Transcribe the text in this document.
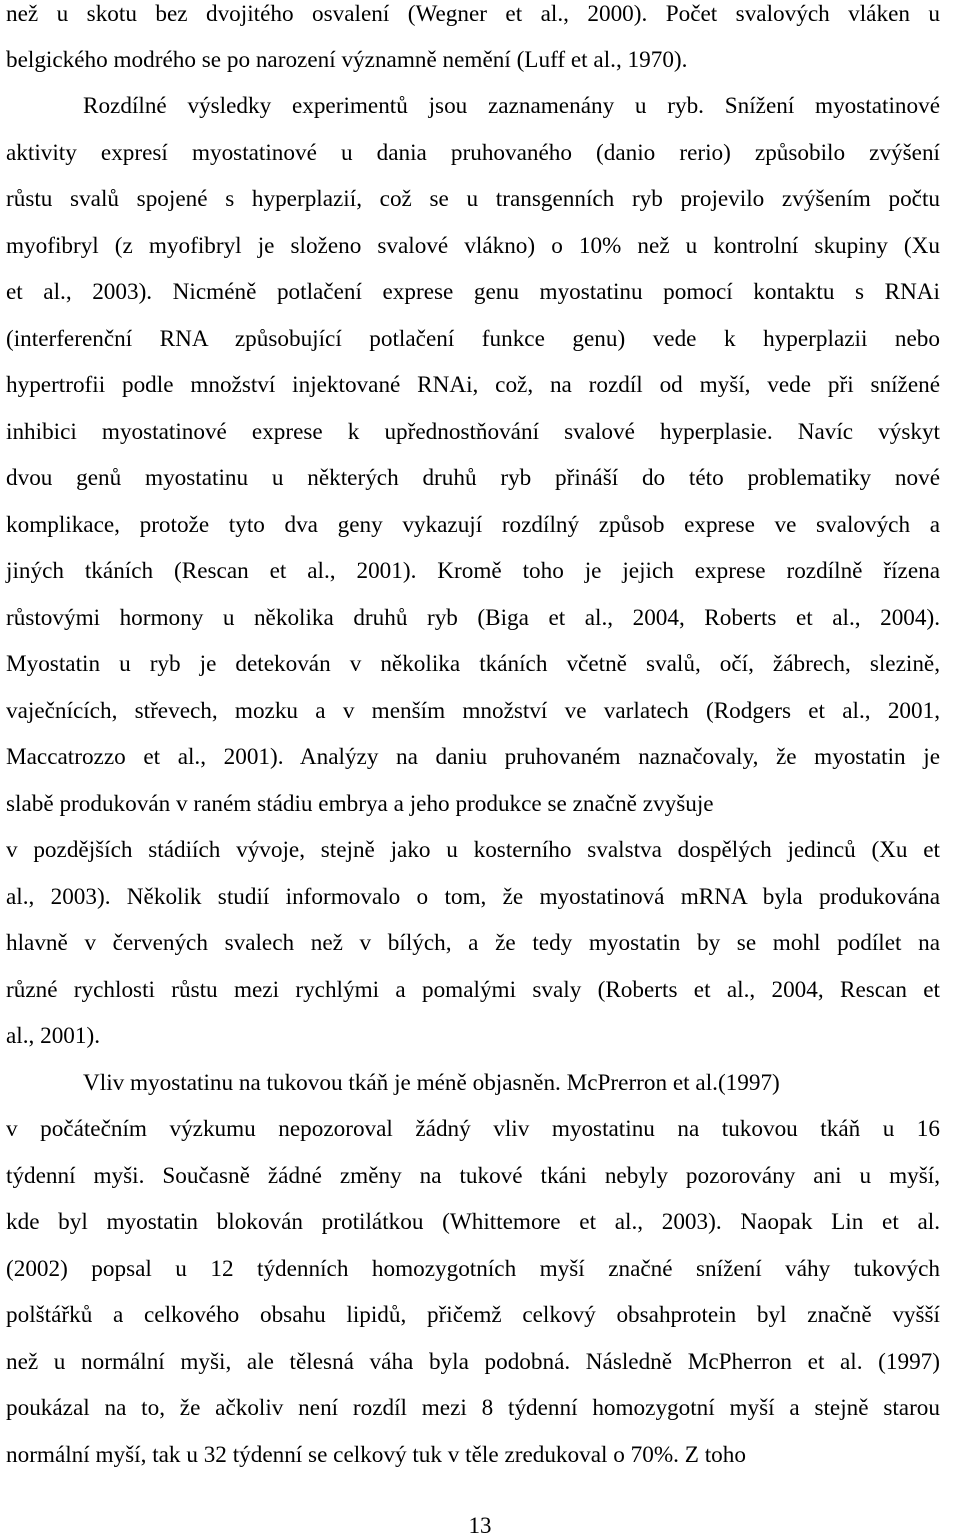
než u skotu bez dvojitého osvalení (Wegner et al., 2000). Počet svalových vláken u
belgického modrého se po narození významně nemění (Luff et al., 1970).
Rozdílné výsledky experimentů jsou zaznamenány u ryb. Snížení myostatinové
aktivity expresí myostatinové u dania pruhovaného (danio rerio) způsobilo zvýšení
růstu svalů spojené s hyperplazií, což se u transgenních ryb projevilo zvýšením počtu
myofibryl (z myofibryl je složeno svalové vlákno) o 10% než u kontrolní skupiny (Xu
et al., 2003). Nicméně potlačení exprese genu myostatinu pomocí kontaktu s RNAi
(interferenční RNA způsobující potlačení funkce genu) vede k hyperplazii nebo
hypertrofii podle množství injektované RNAi, což, na rozdíl od myší, vede při snížené
inhibici myostatinové exprese k upřednostňování svalové hyperplasie. Navíc výskyt
dvou genů myostatinu u některých druhů ryb přináší do této problematiky nové
komplikace, protože tyto dva geny vykazují rozdílný způsob exprese ve svalových a
jiných tkáních (Rescan et al., 2001). Kromě toho je jejich exprese rozdílně řízena
růstovými hormony u několika druhů ryb (Biga et al., 2004, Roberts et al., 2004).
Myostatin u ryb je detekován v několika tkáních včetně svalů, očí, žábrech, slezině,
vaječnících, střevech, mozku a v menším množství ve varlatech (Rodgers et al., 2001,
Maccatrozzo et al., 2001). Analýzy na daniu pruhovaném naznačovaly, že myostatin je
slabě produkován v raném stádiu embrya a jeho produkce se značně zvyšuje
v pozdějších stádiích vývoje, stejně jako u kosterního svalstva dospělých jedinců (Xu et
al., 2003). Několik studií informovalo o tom, že myostatinová mRNA byla produkována
hlavně v červených svalech než v bílých, a že tedy myostatin by se mohl podílet na
různé rychlosti růstu mezi rychlými a pomalými svaly (Roberts et al., 2004, Rescan et
al., 2001).
Vliv myostatinu na tukovou tkáň je méně objasněn. McPrerron et al.(1997)
v počátečním výzkumu nepozoroval žádný vliv myostatinu na tukovou tkáň u 16
týdenní myši. Současně žádné změny na tukové tkáni nebyly pozorovány ani u myší,
kde byl myostatin blokován protilátkou (Whittemore et al., 2003). Naopak Lin et al.
(2002) popsal u 12 týdenních homozygotních myší značné snížení váhy tukových
polštářků a celkového obsahu lipidů, přičemž celkový obsahprotein byl značně vyšší
než u normální myši, ale tělesná váha byla podobná. Následně McPherron et al. (1997)
poukázal na to, že ačkoliv není rozdíl mezi 8 týdenní homozygotní myší a stejně starou
normální myší, tak u 32 týdenní se celkový tuk v těle zredukoval o 70%. Z toho
13
